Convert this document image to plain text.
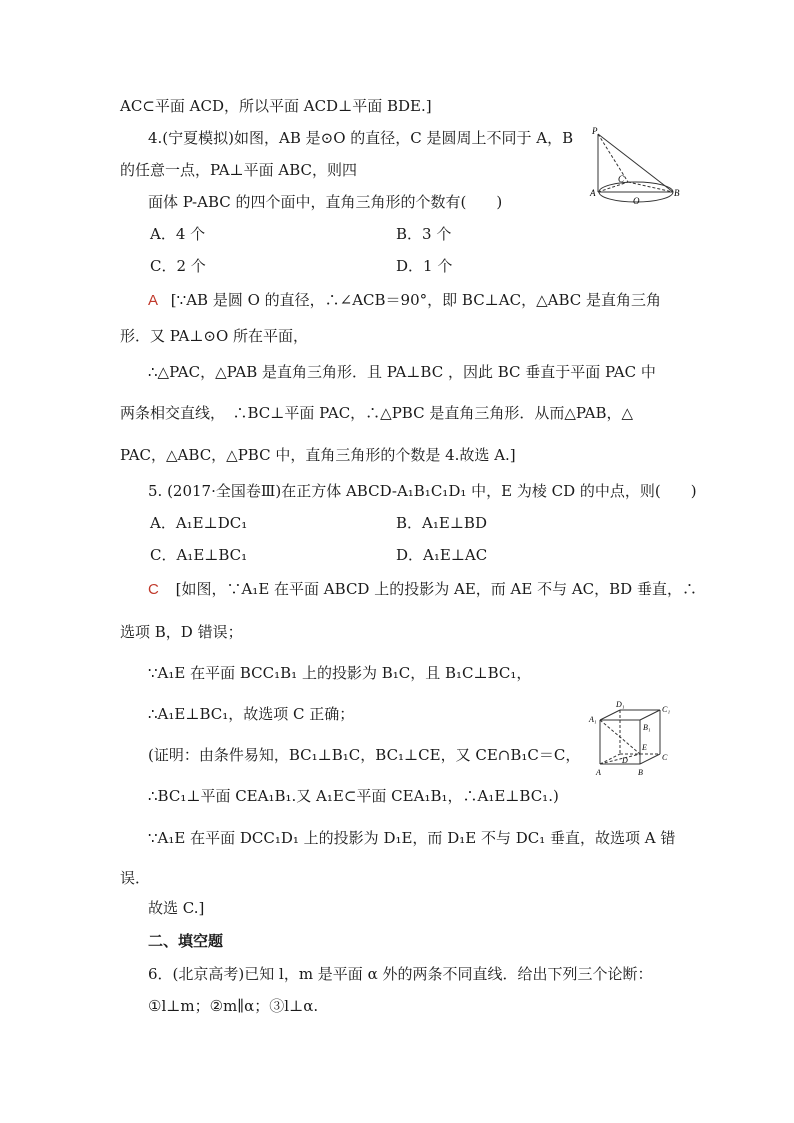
AC⊂平面 ACD，所以平面 ACD⊥平面 BDE.]
4.(宁夏模拟)如图，AB 是⊙O 的直径，C 是圆周上不同于 A，B
的任意一点，PA⊥平面 ABC，则四
面体 P-ABC 的四个面中，直角三角形的个数有(　　)
A．4 个	B．3 个
C．2 个	D．1 个
P
A	B
C
O
A [∵AB 是圆 O 的直径，∴∠ACB＝90°，即 BC⊥AC，△ABC 是直角三角
形．又 PA⊥⊙O 所在平面，
∴△PAC，△PAB 是直角三角形．且 PA⊥BC ，因此 BC 垂直于平面 PAC 中
两条相交直线，　∴BC⊥平面 PAC，∴△PBC 是直角三角形．从而△PAB，△
PAC，△ABC，△PBC 中，直角三角形的个数是 4.故选 A.]
5. (2017·全国卷Ⅲ)在正方体 ABCD-A₁B₁C₁D₁ 中，E 为棱 CD 的中点，则(　　)
A．A₁E⊥DC₁	B．A₁E⊥BD
C．A₁E⊥BC₁	D．A₁E⊥AC
C [如图，∵A₁E 在平面 ABCD 上的投影为 AE，而 AE 不与 AC，BD 垂直，∴
选项 B，D 错误；
∵A₁E 在平面 BCC₁B₁ 上的投影为 B₁C，且 B₁C⊥BC₁，
∴A₁E⊥BC₁，故选项 C 正确；
(证明：由条件易知，BC₁⊥B₁C，BC₁⊥CE，又 CE∩B₁C＝C，
∴BC₁⊥平面 CEA₁B₁.又 A₁E⊂平面 CEA₁B₁，∴A₁E⊥BC₁.)
∵A₁E 在平面 DCC₁D₁ 上的投影为 D₁E，而 D₁E 不与 DC₁ 垂直，故选项 A 错
误．
故选 C.]
A₁
D₁
C₁
B₁
E
D	C
A	B
二、填空题
6．(北京高考)已知 l，m 是平面 α 外的两条不同直线．给出下列三个论断：
①l⊥m；②m∥α；③l⊥α.
